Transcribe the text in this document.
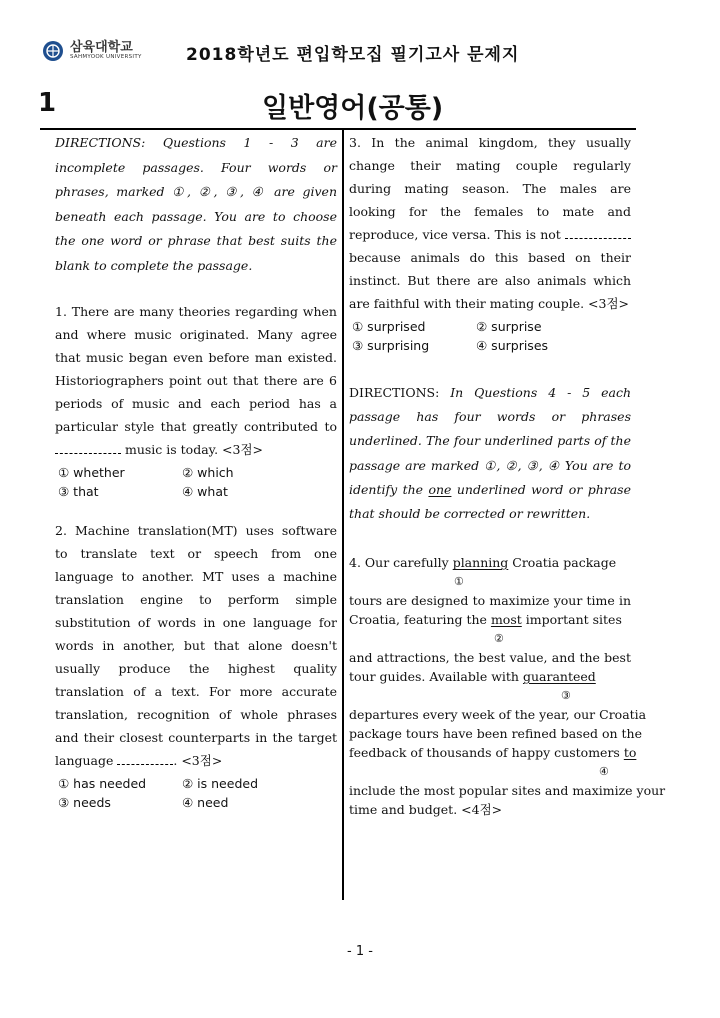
삼육대학교
SAHMYOOK UNIVERSITY	2018학년도 편입학모집 필기고사 문제지
1	일반영어(공통)

DIRECTIONS: Questions 1 - 3 are incomplete passages. Four words or phrases, marked ①, ②, ③, ④ are given beneath each passage. You are to choose the one word or phrase that best suits the blank to complete the passage.

1. There are many theories regarding when and where music originated. Many agree that music began even before man existed. Historiographers point out that there are 6 periods of music and each period has a particular style that greatly contributed to  music is today. <3점>

① whether	② which
③ that	④ what

2. Machine translation(MT) uses software to translate text or speech from one language to another. MT uses a machine translation engine to perform simple substitution of words in one language for words in another, but that alone doesn't usually produce the highest quality translation of a text. For more accurate translation, recognition of whole phrases and their closest counterparts in the target language	. <3점>

① has needed	② is needed
③ needs	④ need

3. In the animal kingdom, they usually change their mating couple regularly during mating season. The males are looking for the females to mate and reproduce, vice versa. This is not  because animals do this based on their instinct. But there are also animals which are faithful with their mating couple. <3점>

① surprised	② surprise
③ surprising	④ surprises

DIRECTIONS: In Questions 4 - 5 each passage has four words or phrases underlined. The four underlined parts of the passage are marked ①, ②, ③, ④ You are to identify the one underlined word or phrase that should be corrected or rewritten.

4. Our carefully planning Croatia package
①
tours are designed to maximize your time in
Croatia, featuring the most important sites
②
and attractions, the best value, and the best
tour guides. Available with guaranteed
③
departures every week of the year, our Croatia
package tours have been refined based on the
feedback of thousands of happy customers to
④
include the most popular sites and maximize your
time and budget. <4점>
- 1 -
